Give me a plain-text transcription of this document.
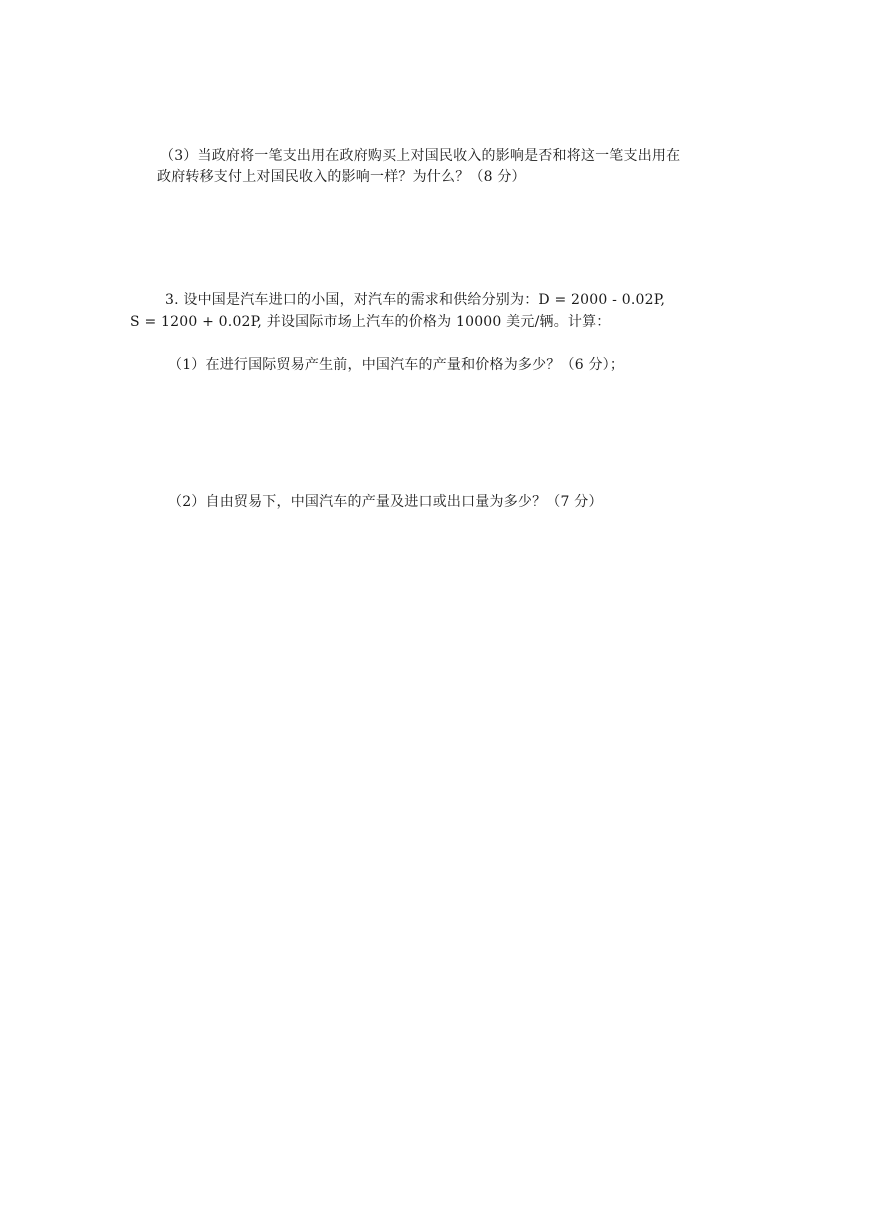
（3）当政府将一笔支出用在政府购买上对国民收入的影响是否和将这一笔支出用在
政府转移支付上对国民收入的影响一样？为什么？（8 分）
3. 设中国是汽车进口的小国，对汽车的需求和供给分别为：D = 2000 - 0.02P,
S = 1200 + 0.02P, 并设国际市场上汽车的价格为 10000 美元/辆。计算：
（1）在进行国际贸易产生前，中国汽车的产量和价格为多少？（6 分）；
（2）自由贸易下，中国汽车的产量及进口或出口量为多少？（7 分）
